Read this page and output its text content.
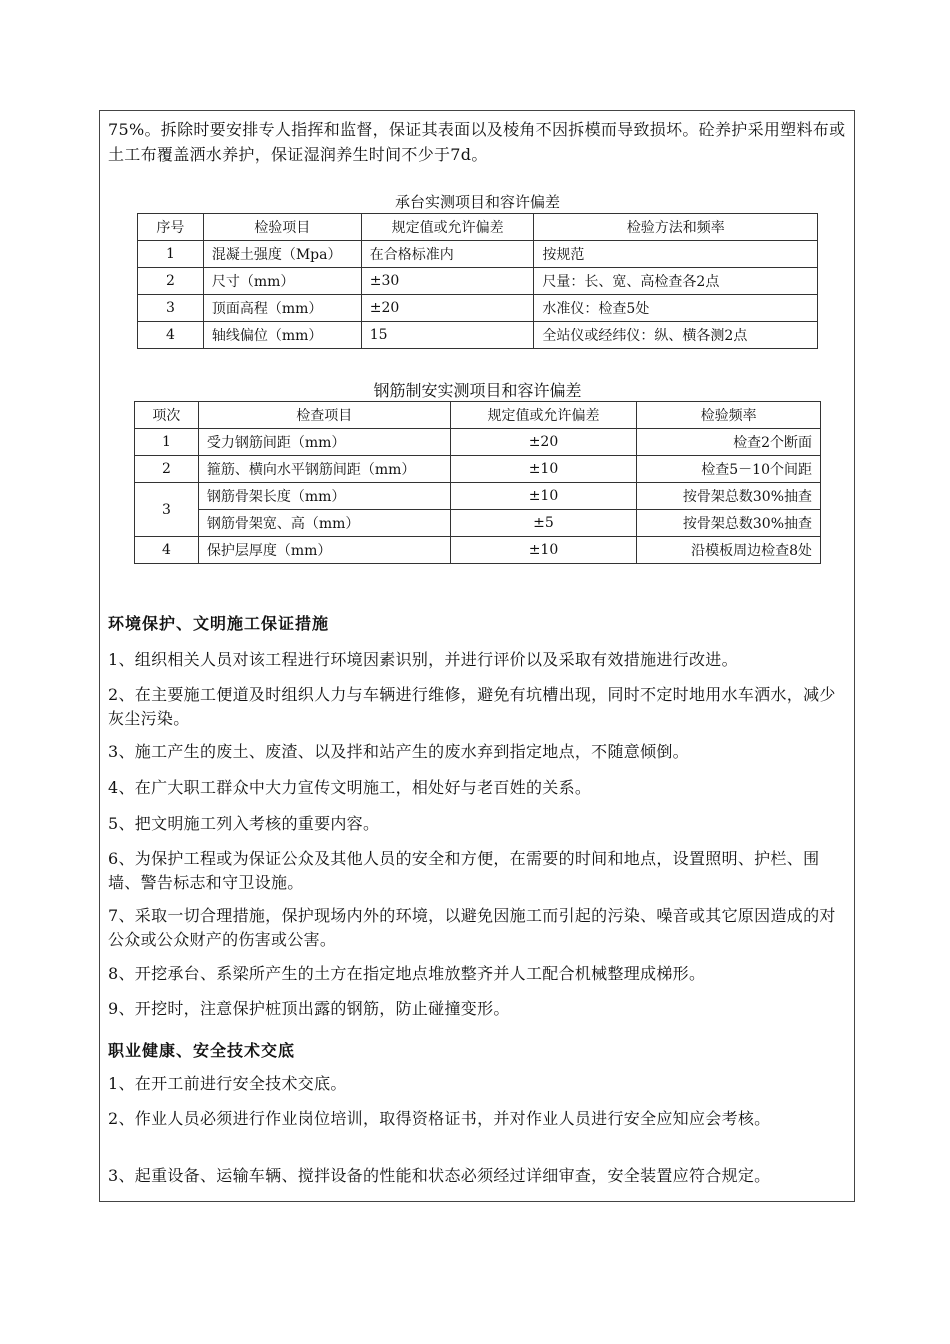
75%。拆除时要安排专人指挥和监督，保证其表面以及棱角不因拆模而导致损坏。砼养护采用塑料布或土工布覆盖洒水养护，保证湿润养生时间不少于7d。
承台实测项目和容许偏差
序号	检验项目	规定值或允许偏差	检验方法和频率
1	混凝土强度（Mpa）	在合格标准内	按规范
2	尺寸（mm）	±30	尺量：长、宽、高检查各2点
3	顶面高程（mm）	±20	水准仪：检查5处
4	轴线偏位（mm）	15	全站仪或经纬仪：纵、横各测2点
钢筋制安实测项目和容许偏差
项次	检查项目	规定值或允许偏差	检验频率
1	受力钢筋间距（mm）	±20	检查2个断面
2	箍筋、横向水平钢筋间距（mm）	±10	检查5－10个间距
3	钢筋骨架长度（mm）	±10	按骨架总数30%抽查
	钢筋骨架宽、高（mm）	±5	按骨架总数30%抽查
4	保护层厚度（mm）	±10	沿模板周边检查8处
环境保护、文明施工保证措施
1、组织相关人员对该工程进行环境因素识别，并进行评价以及采取有效措施进行改进。
2、在主要施工便道及时组织人力与车辆进行维修，避免有坑槽出现，同时不定时地用水车洒水，减少灰尘污染。
3、施工产生的废土、废渣、以及拌和站产生的废水弃到指定地点，不随意倾倒。
4、在广大职工群众中大力宣传文明施工，相处好与老百姓的关系。
5、把文明施工列入考核的重要内容。
6、为保护工程或为保证公众及其他人员的安全和方便，在需要的时间和地点，设置照明、护栏、围墙、警告标志和守卫设施。
7、采取一切合理措施，保护现场内外的环境，以避免因施工而引起的污染、噪音或其它原因造成的对公众或公众财产的伤害或公害。
8、开挖承台、系梁所产生的土方在指定地点堆放整齐并人工配合机械整理成梯形。
9、开挖时，注意保护桩顶出露的钢筋，防止碰撞变形。
职业健康、安全技术交底
1、在开工前进行安全技术交底。
2、作业人员必须进行作业岗位培训，取得资格证书，并对作业人员进行安全应知应会考核。
3、起重设备、运输车辆、搅拌设备的性能和状态必须经过详细审查，安全装置应符合规定。
